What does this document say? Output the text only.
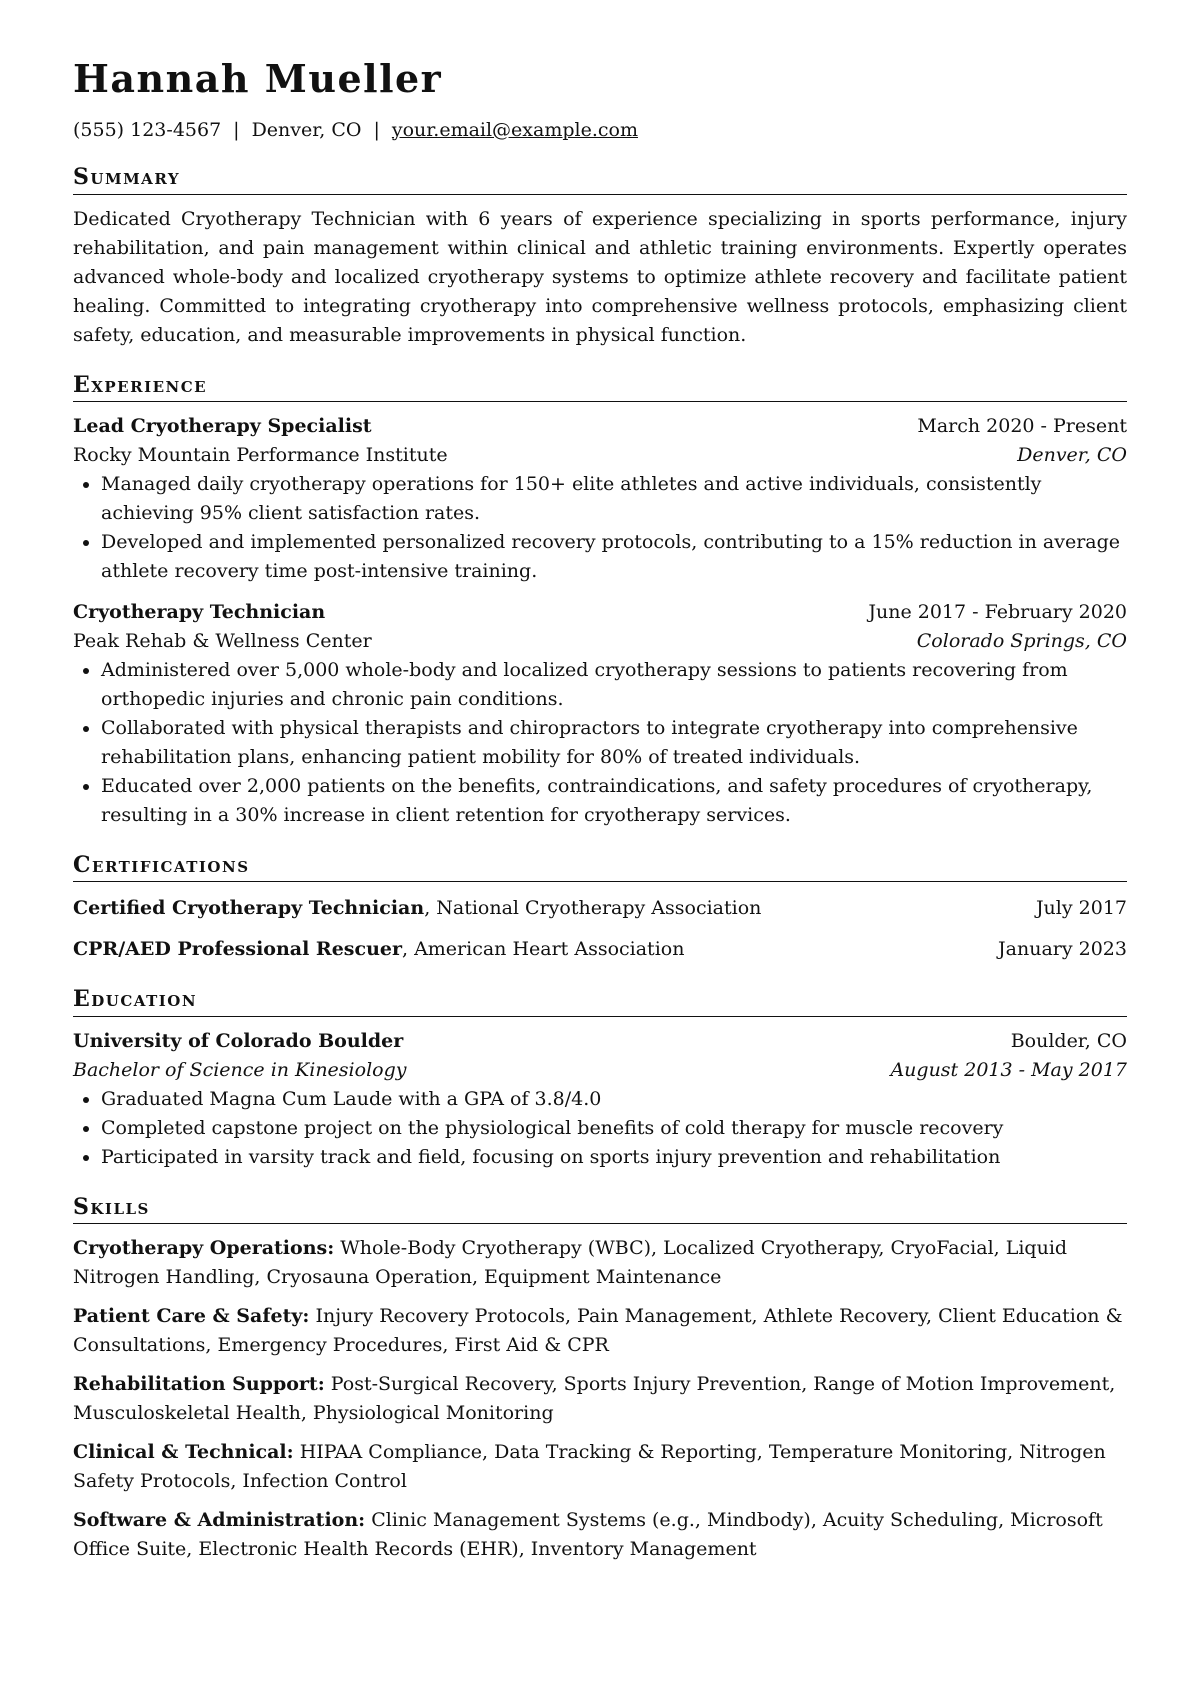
Hannah Mueller
(555) 123-4567 | Denver, CO | your.email@example.com
Summary
Dedicated Cryotherapy Technician with 6 years of experience specializing in sports performance, injury rehabilitation, and pain management within clinical and athletic training environments. Expertly operates advanced whole-body and localized cryotherapy systems to optimize athlete recovery and facilitate patient healing. Committed to integrating cryotherapy into comprehensive wellness protocols, emphasizing client safety, education, and measurable improvements in physical function.
Experience
Lead Cryotherapy Specialist	March 2020 - Present
Rocky Mountain Performance Institute	Denver, CO
• Managed daily cryotherapy operations for 150+ elite athletes and active individuals, consistently achieving 95% client satisfaction rates.
• Developed and implemented personalized recovery protocols, contributing to a 15% reduction in average athlete recovery time post-intensive training.
Cryotherapy Technician	June 2017 - February 2020
Peak Rehab & Wellness Center	Colorado Springs, CO
• Administered over 5,000 whole-body and localized cryotherapy sessions to patients recovering from orthopedic injuries and chronic pain conditions.
• Collaborated with physical therapists and chiropractors to integrate cryotherapy into comprehensive rehabilitation plans, enhancing patient mobility for 80% of treated individuals.
• Educated over 2,000 patients on the benefits, contraindications, and safety procedures of cryotherapy, resulting in a 30% increase in client retention for cryotherapy services.
Certifications
Certified Cryotherapy Technician, National Cryotherapy Association	July 2017
CPR/AED Professional Rescuer, American Heart Association	January 2023
Education
University of Colorado Boulder	Boulder, CO
Bachelor of Science in Kinesiology	August 2013 - May 2017
• Graduated Magna Cum Laude with a GPA of 3.8/4.0
• Completed capstone project on the physiological benefits of cold therapy for muscle recovery
• Participated in varsity track and field, focusing on sports injury prevention and rehabilitation
Skills
Cryotherapy Operations: Whole-Body Cryotherapy (WBC), Localized Cryotherapy, CryoFacial, Liquid Nitrogen Handling, Cryosauna Operation, Equipment Maintenance
Patient Care & Safety: Injury Recovery Protocols, Pain Management, Athlete Recovery, Client Education & Consultations, Emergency Procedures, First Aid & CPR
Rehabilitation Support: Post-Surgical Recovery, Sports Injury Prevention, Range of Motion Improvement, Musculoskeletal Health, Physiological Monitoring
Clinical & Technical: HIPAA Compliance, Data Tracking & Reporting, Temperature Monitoring, Nitrogen Safety Protocols, Infection Control
Software & Administration: Clinic Management Systems (e.g., Mindbody), Acuity Scheduling, Microsoft Office Suite, Electronic Health Records (EHR), Inventory Management
